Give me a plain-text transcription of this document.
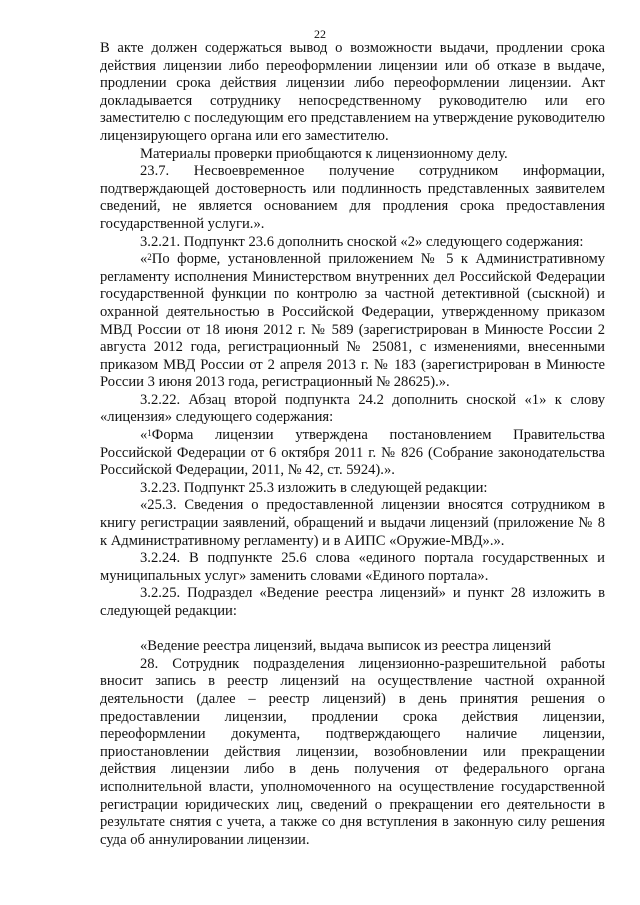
22

В акте должен содержаться вывод о возможности выдачи, продлении срока действия лицензии либо переоформлении лицензии или об отказе в выдаче, продлении срока действия лицензии либо переоформлении лицензии. Акт докладывается сотруднику непосредственному руководителю или его заместителю с последующим его представлением на утверждение руководителю лицензирующего органа или его заместителю.

Материалы проверки приобщаются к лицензионному делу.

23.7. Несвоевременное получение сотрудником информации, подтверждающей достоверность или подлинность представленных заявителем сведений, не является основанием для продления срока предоставления государственной услуги.».

3.2.21. Подпункт 23.6 дополнить сноской «2» следующего содержания:

«$^2$По форме, установленной приложением № 5 к Административному регламенту исполнения Министерством внутренних дел Российской Федерации государственной функции по контролю за частной детективной (сыскной) и охранной деятельностью в Российской Федерации, утвержденному приказом МВД России от 18 июня 2012 г. № 589 (зарегистрирован в Минюсте России 2 августа 2012 года, регистрационный № 25081, с изменениями, внесенными приказом МВД России от 2 апреля 2013 г. № 183 (зарегистрирован в Минюсте России 3 июня 2013 года, регистрационный № 28625).».

3.2.22. Абзац второй подпункта 24.2 дополнить сноской «1» к слову «лицензия» следующего содержания:

«$^1$Форма лицензии утверждена постановлением Правительства Российской Федерации от 6 октября 2011 г. № 826 (Собрание законодательства Российской Федерации, 2011, № 42, ст. 5924).».

3.2.23. Подпункт 25.3 изложить в следующей редакции:

«25.3. Сведения о предоставленной лицензии вносятся сотрудником в книгу регистрации заявлений, обращений и выдачи лицензий (приложение № 8 к Административному регламенту) и в АИПС «Оружие-МВД».».

3.2.24. В подпункте 25.6 слова «единого портала государственных и муниципальных услуг» заменить словами «Единого портала».

3.2.25. Подраздел «Ведение реестра лицензий» и пункт 28 изложить в следующей редакции:

«Ведение реестра лицензий, выдача выписок из реестра лицензий

28. Сотрудник подразделения лицензионно-разрешительной работы вносит запись в реестр лицензий на осуществление частной охранной деятельности (далее – реестр лицензий) в день принятия решения о предоставлении лицензии, продлении срока действия лицензии, переоформлении документа, подтверждающего наличие лицензии, приостановлении действия лицензии, возобновлении или прекращении действия лицензии либо в день получения от федерального органа исполнительной власти, уполномоченного на осуществление государственной регистрации юридических лиц, сведений о прекращении его деятельности в результате снятия с учета, а также со дня вступления в законную силу решения суда об аннулировании лицензии.
